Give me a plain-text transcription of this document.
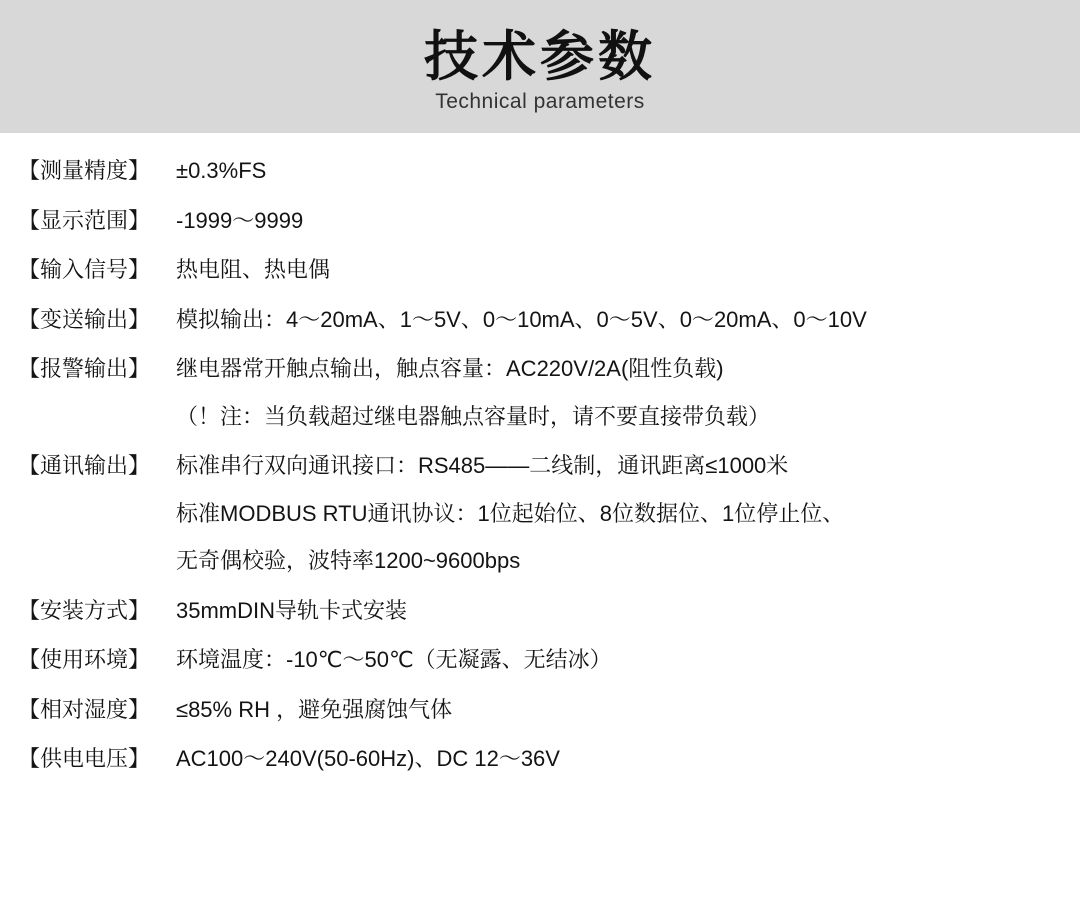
技术参数
Technical parameters
【测量精度】	±0.3%FS
【显示范围】	-1999〜9999
【输入信号】	热电阻、热电偶
【变送输出】	模拟输出：4〜20mA、1〜5V、0〜10mA、0〜5V、0〜20mA、0〜10V
【报警输出】	继电器常开触点输出，触点容量：AC220V/2A(阻性负载)
（！注：当负载超过继电器触点容量时，请不要直接带负载）
【通讯输出】	标准串行双向通讯接口：RS485——二线制，通讯距离≤1000米
标准MODBUS RTU通讯协议：1位起始位、8位数据位、1位停止位、
无奇偶校验，波特率1200~9600bps
【安装方式】	35mmDIN导轨卡式安装
【使用环境】	环境温度：-10℃〜50℃（无凝露、无结冰）
【相对湿度】	≤85% RH ，避免强腐蚀气体
【供电电压】	AC100〜240V(50-60Hz)、DC 12〜36V
